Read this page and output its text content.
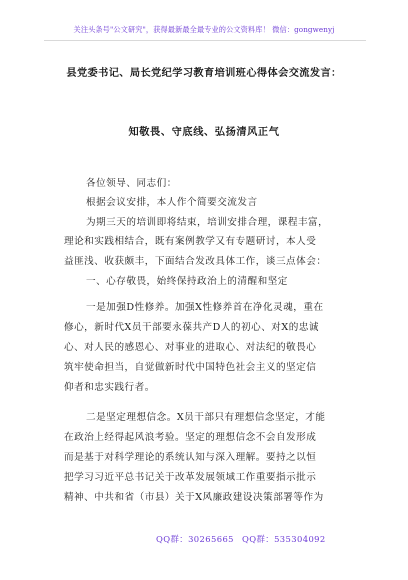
关注头条号"公文研究"，获得最新最全最专业的公文资料库！ 微信：gongwenyj
县党委书记、局长党纪学习教育培训班心得体会交流发言：
知敬畏、守底线、弘扬清风正气
各位领导、同志们：
根据会议安排，本人作个简要交流发言
为期三天的培训即将结束，培训安排合理，课程丰富，
理论和实践相结合，既有案例教学又有专题研讨，本人受
益匪浅、收获颇丰，下面结合发改具体工作，谈三点体会：
一、心存敬畏，始终保持政治上的清醒和坚定
一是加强D性修养。加强X性修养首在净化灵魂，重在
修心，新时代X员干部要永葆共产D人的初心、对X的忠诚
心、对人民的感恩心、对事业的进取心、对法纪的敬畏心
筑牢使命担当，自觉做新时代中国特色社会主义的坚定信
仰者和忠实践行者。
二是坚定理想信念。X员干部只有理想信念坚定，才能
在政治上经得起风浪考验。坚定的理想信念不会自发形成
而是基于对科学理论的系统认知与深入理解。要持之以恒
把学习习近平总书记关于改革发展领域工作重要指示批示
精神、中共和省（市县）关于X风廉政建设决策部署等作为
QQ群：30265665 QQ群：535304092
